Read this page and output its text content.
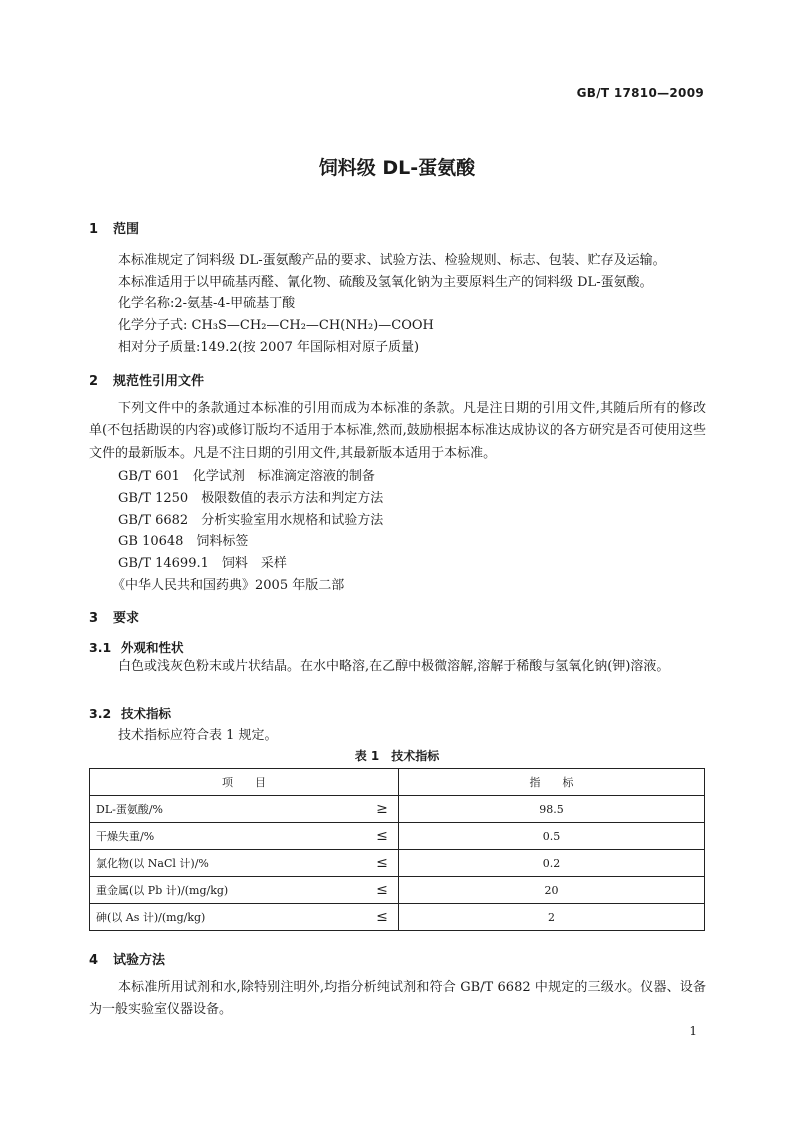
GB/T 17810—2009
饲料级 DL-蛋氨酸
1 范围
本标准规定了饲料级 DL-蛋氨酸产品的要求、试验方法、检验规则、标志、包装、贮存及运输。
本标准适用于以甲硫基丙醛、氰化物、硫酸及氢氧化钠为主要原料生产的饲料级 DL-蛋氨酸。
化学名称:2-氨基-4-甲硫基丁酸
化学分子式: CH₃S—CH₂—CH₂—CH(NH₂)—COOH
相对分子质量:149.2(按 2007 年国际相对原子质量)
2 规范性引用文件
下列文件中的条款通过本标准的引用而成为本标准的条款。凡是注日期的引用文件,其随后所有的修改单(不包括勘误的内容)或修订版均不适用于本标准,然而,鼓励根据本标准达成协议的各方研究是否可使用这些文件的最新版本。凡是不注日期的引用文件,其最新版本适用于本标准。
GB/T 601　化学试剂　标准滴定溶液的制备
GB/T 1250　极限数值的表示方法和判定方法
GB/T 6682　分析实验室用水规格和试验方法
GB 10648　饲料标签
GB/T 14699.1　饲料　采样
《中华人民共和国药典》2005 年版二部
3 要求
3.1 外观和性状
白色或浅灰色粉末或片状结晶。在水中略溶,在乙醇中极微溶解,溶解于稀酸与氢氧化钠(钾)溶液。
3.2 技术指标
技术指标应符合表 1 规定。
表 1　技术指标
项　　目		指　　标
DL-蛋氨酸/%	≥	98.5
干燥失重/%	≤	0.5
氯化物(以 NaCl 计)/%	≤	0.2
重金属(以 Pb 计)/(mg/kg)	≤	20
砷(以 As 计)/(mg/kg)	≤	2
4 试验方法
本标准所用试剂和水,除特别注明外,均指分析纯试剂和符合 GB/T 6682 中规定的三级水。仪器、设备为一般实验室仪器设备。
1
